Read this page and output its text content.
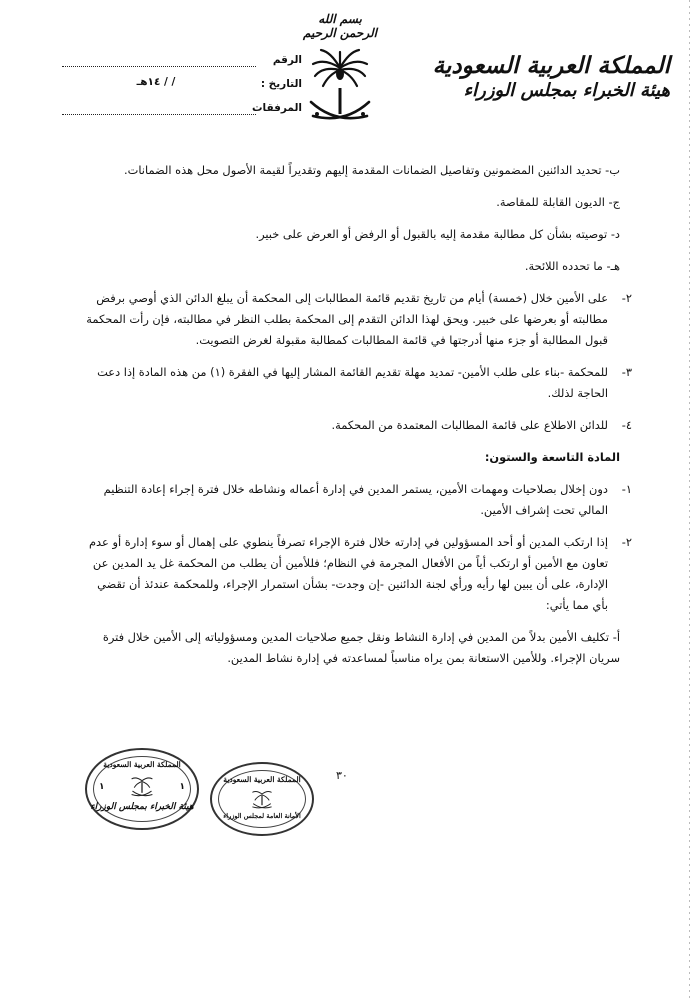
بسم الله الرحمن الرحيم
المملكة العربية السعودية
هيئة الخبراء بمجلس الوزراء
الرقم
التاريخ :
/ / ١٤هـ
المرفقات

ب- تحديد الدائنين المضمونين وتفاصيل الضمانات المقدمة إليهم وتقديراً لقيمة الأصول محل هذه الضمانات.

ج- الديون القابلة للمقاصة.

د- توصيته بشأن كل مطالبة مقدمة إليه بالقبول أو الرفض أو العرض على خبير.

هـ- ما تحدده اللائحة.

٢-
على الأمين خلال (خمسة) أيام من تاريخ تقديم قائمة المطالبات إلى المحكمة أن يبلغ الدائن الذي أوصي برفض مطالبته أو بعرضها على خبير. ويحق لهذا الدائن التقدم إلى المحكمة بطلب النظر في مطالبته، فإن رأت المحكمة قبول المطالبة أو جزء منها أدرجتها في قائمة المطالبات كمطالبة مقبولة لغرض التصويت.

٣-
للمحكمة -بناء على طلب الأمين- تمديد مهلة تقديم القائمة المشار إليها في الفقرة (١) من هذه المادة إذا دعت الحاجة لذلك.

٤-
للدائن الاطلاع على قائمة المطالبات المعتمدة من المحكمة.

المادة التاسعة والستون:

١-
دون إخلال بصلاحيات ومهمات الأمين، يستمر المدين في إدارة أعماله ونشاطه خلال فترة إجراء إعادة التنظيم المالي تحت إشراف الأمين.

٢-
إذا ارتكب المدين أو أحد المسؤولين في إدارته خلال فترة الإجراء تصرفاً ينطوي على إهمال أو سوء إدارة أو عدم تعاون مع الأمين أو ارتكب أياً من الأفعال المجرمة في النظام؛ فللأمين أن يطلب من المحكمة غل يد المدين عن الإدارة، على أن يبين لها رأيه ورأي لجنة الدائنين -إن وجدت- بشأن استمرار الإجراء، وللمحكمة عندئذ أن تقضي بأي مما يأتي:

أ- تكليف الأمين بدلاً من المدين في إدارة النشاط ونقل جميع صلاحيات المدين ومسؤولياته إلى الأمين خلال فترة سريان الإجراء. وللأمين الاستعانة بمن يراه مناسباً لمساعدته في إدارة نشاط المدين.

٣٠
المملكة العربية السعودية
١	١
هيئة الخبراء بمجلس الوزراء
المملكة العربية السعودية
الأمانة العامة لمجلس الوزراء
